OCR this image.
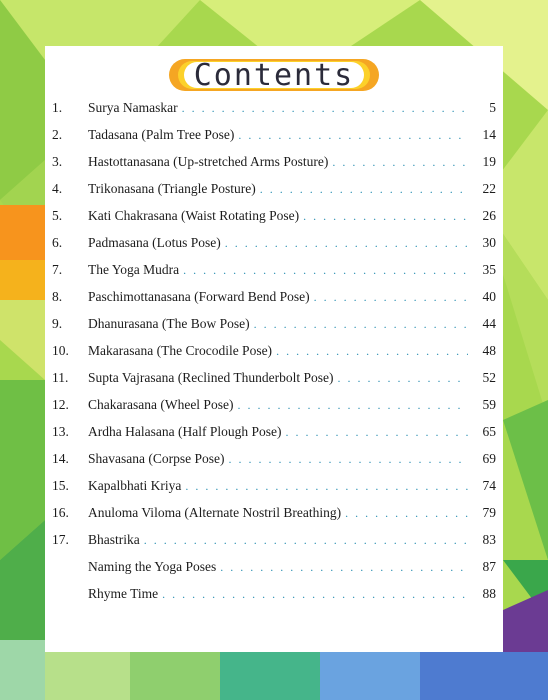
Contents
1.	Surya Namaskar . . .	5
2.	Tadasana (Palm Tree Pose) . . .	14
3.	Hastottanasana (Up-stretched Arms Posture) . . .	19
4.	Trikonasana (Triangle Posture) . . .	22
5.	Kati Chakrasana (Waist Rotating Pose) . . .	26
6.	Padmasana (Lotus Pose) . . .	30
7.	The Yoga Mudra . . .	35
8.	Paschimottanasana (Forward Bend Pose) . . .	40
9.	Dhanurasana (The Bow Pose) . . .	44
10.	Makarasana (The Crocodile Pose) . . .	48
11.	Supta Vajrasana (Reclined Thunderbolt Pose) . . .	52
12.	Chakarasana (Wheel Pose) . . .	59
13.	Ardha Halasana (Half Plough Pose) . . .	65
14.	Shavasana (Corpse Pose) . . .	69
15.	Kapalbhati Kriya . . .	74
16.	Anuloma Viloma (Alternate Nostril Breathing) . . .	79
17.	Bhastrika . . .	83
Naming the Yoga Poses . . .	87
Rhyme Time . . .	88
